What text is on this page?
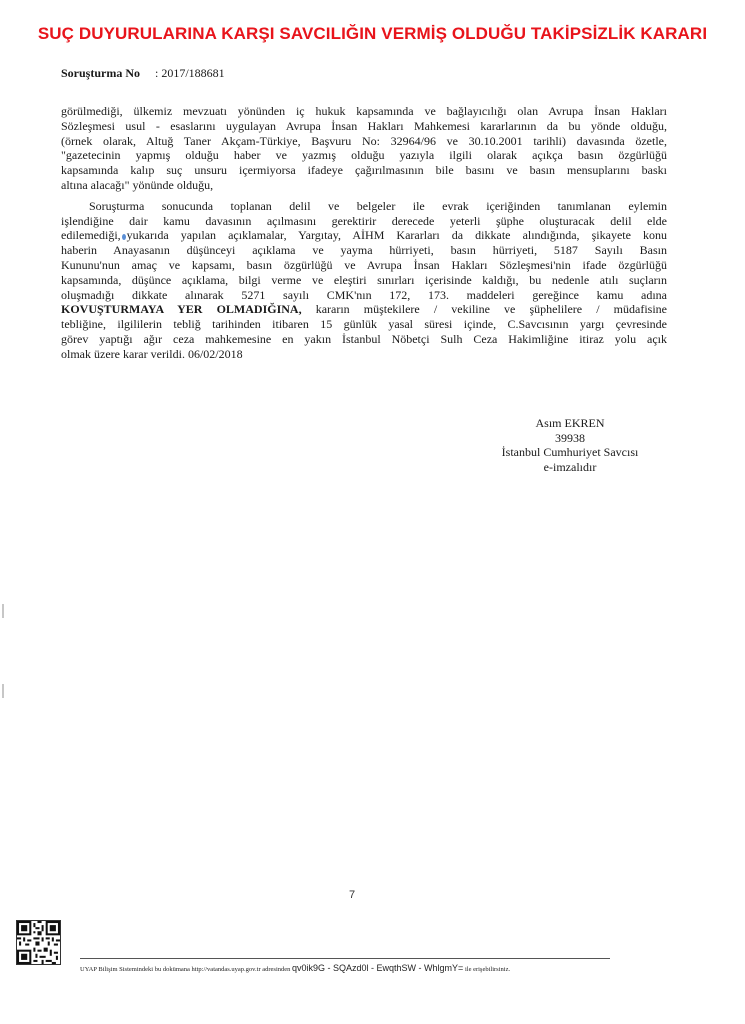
SUÇ DUYURULARINA KARŞI SAVCILIĞIN VERMİŞ OLDUĞU TAKİPSİZLİK KARARI
Soruşturma No : 2017/188681
görülmediği, ülkemiz mevzuatı yönünden iç hukuk kapsamında ve bağlayıcılığı olan Avrupa İnsan Hakları
Sözleşmesi usul - esaslarını uygulayan Avrupa İnsan Hakları Mahkemesi kararlarının da bu yönde olduğu,
(örnek olarak, Altuğ Taner Akçam-Türkiye, Başvuru No: 32964/96 ve 30.10.2001 tarihli) davasında özetle,
"gazetecinin yapmış olduğu haber ve yazmış olduğu yazıyla ilgili olarak açıkça basın özgürlüğü
kapsamında kalıp suç unsuru içermiyorsa ifadeye çağırılmasının bile basını ve basın mensuplarını baskı
altına alacağı" yönünde olduğu,
Soruşturma sonucunda toplanan delil ve belgeler ile evrak içeriğinden tanımlanan eylemin
işlendiğine dair kamu davasının açılmasını gerektirir derecede yeterli şüphe oluşturacak delil elde
edilemediği, yukarıda yapılan açıklamalar, Yargıtay, AİHM Kararları da dikkate alındığında, şikayete konu
haberin Anayasanın düşünceyi açıklama ve yayma hürriyeti, basın hürriyeti, 5187 Sayılı Basın
Kununu'nun amaç ve kapsamı, basın özgürlüğü ve Avrupa İnsan Hakları Sözleşmesi'nin ifade özgürlüğü
kapsamında, düşünce açıklama, bilgi verme ve eleştiri sınırları içerisinde kaldığı, bu nedenle atılı suçların
oluşmadığı dikkate alınarak 5271 sayılı CMK'nın 172, 173. maddeleri gereğince kamu adına
KOVUŞTURMAYA YER OLMADIĞINA, kararın müştekilere / vekiline ve şüphelilere / müdafisine
tebliğine, ilgililerin tebliğ tarihinden itibaren 15 günlük yasal süresi içinde, C.Savcısının yargı çevresinde
görev yaptığı ağır ceza mahkemesine en yakın İstanbul Nöbetçi Sulh Ceza Hakimliğine itiraz yolu açık
olmak üzere karar verildi. 06/02/2018
Asım EKREN
39938
İstanbul Cumhuriyet Savcısı
e-imzalıdır
7
UYAP Bilişim Sistemindeki bu dokümana http://vatandas.uyap.gov.tr adresinden qv0ik9G - SQAzd0l - EwqthSW - WhlgmY= ile erişebilirsiniz.
